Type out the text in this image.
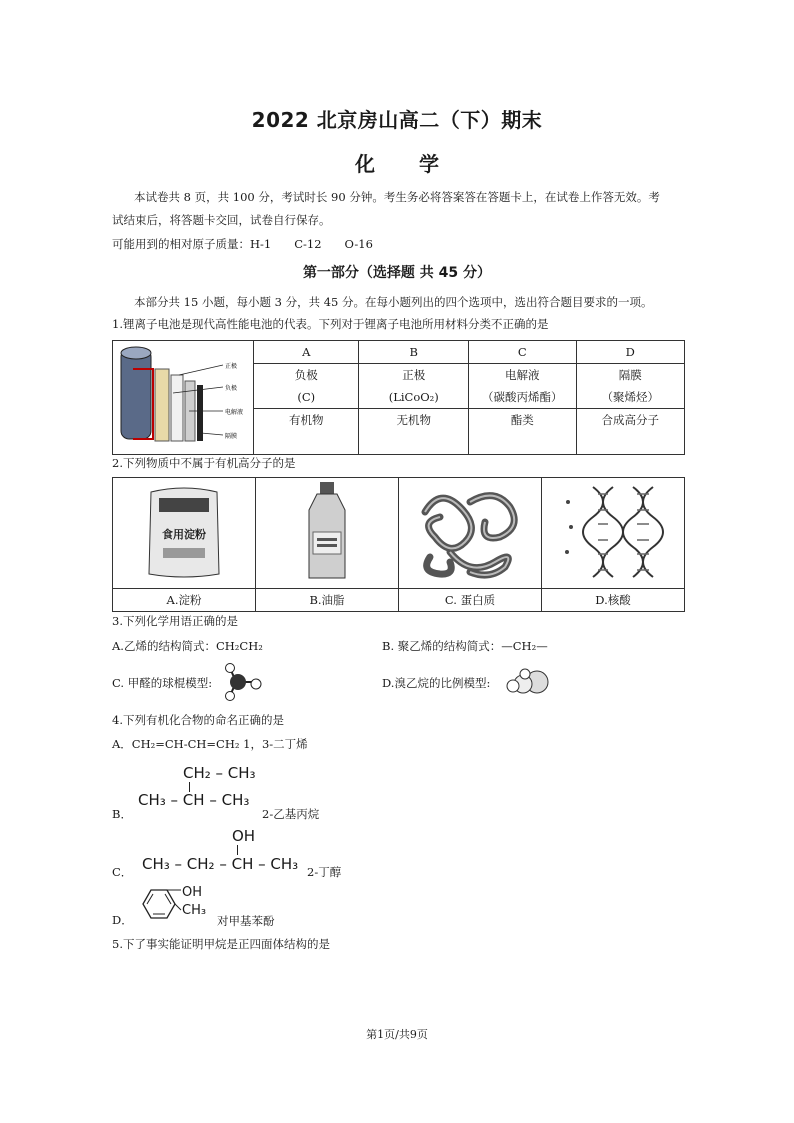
2022 北京房山高二（下）期末
化 学
本试卷共 8 页，共 100 分，考试时长 90 分钟。考生务必将答案答在答题卡上，在试卷上作答无效。考
试结束后，将答题卡交回，试卷自行保存。
可能用到的相对原子质量：H-1　　C-12　　O-16
第一部分（选择题 共 45 分）
本部分共 15 小题，每小题 3 分，共 45 分。在每小题列出的四个选项中，选出符合题目要求的一项。
1.锂离子电池是现代高性能电池的代表。下列对于锂离子电池所用材料分类不正确的是
正极
负极
电解液
隔膜	A	B	C	D
	负极	正极	电解液	隔膜
	(C)	(LiCoO₂)	（碳酸丙烯酯）	（聚烯烃）
	有机物	无机物	酯类	合成高分子
2.下列物质中不属于有机高分子的是
食用淀粉

A.淀粉	B.油脂	C. 蛋白质	D.核酸
3.下列化学用语正确的是
A.乙烯的结构简式：CH₂CH₂	B. 聚乙烯的结构简式：—CH₂—
C. 甲醛的球棍模型:	D.溴乙烷的比例模型:
4.下列有机化合物的命名正确的是
A．CH₂=CH-CH=CH₂ 1，3-二丁烯
B．
CH₂ – CH₃
CH₃ – CH – CH₃
2-乙基丙烷
C．
OH
CH₃ – CH₂ – CH – CH₃ 2-丁醇
D．
OH
CH₃
对甲基苯酚
5.下了事实能证明甲烷是正四面体结构的是
第1页/共9页
